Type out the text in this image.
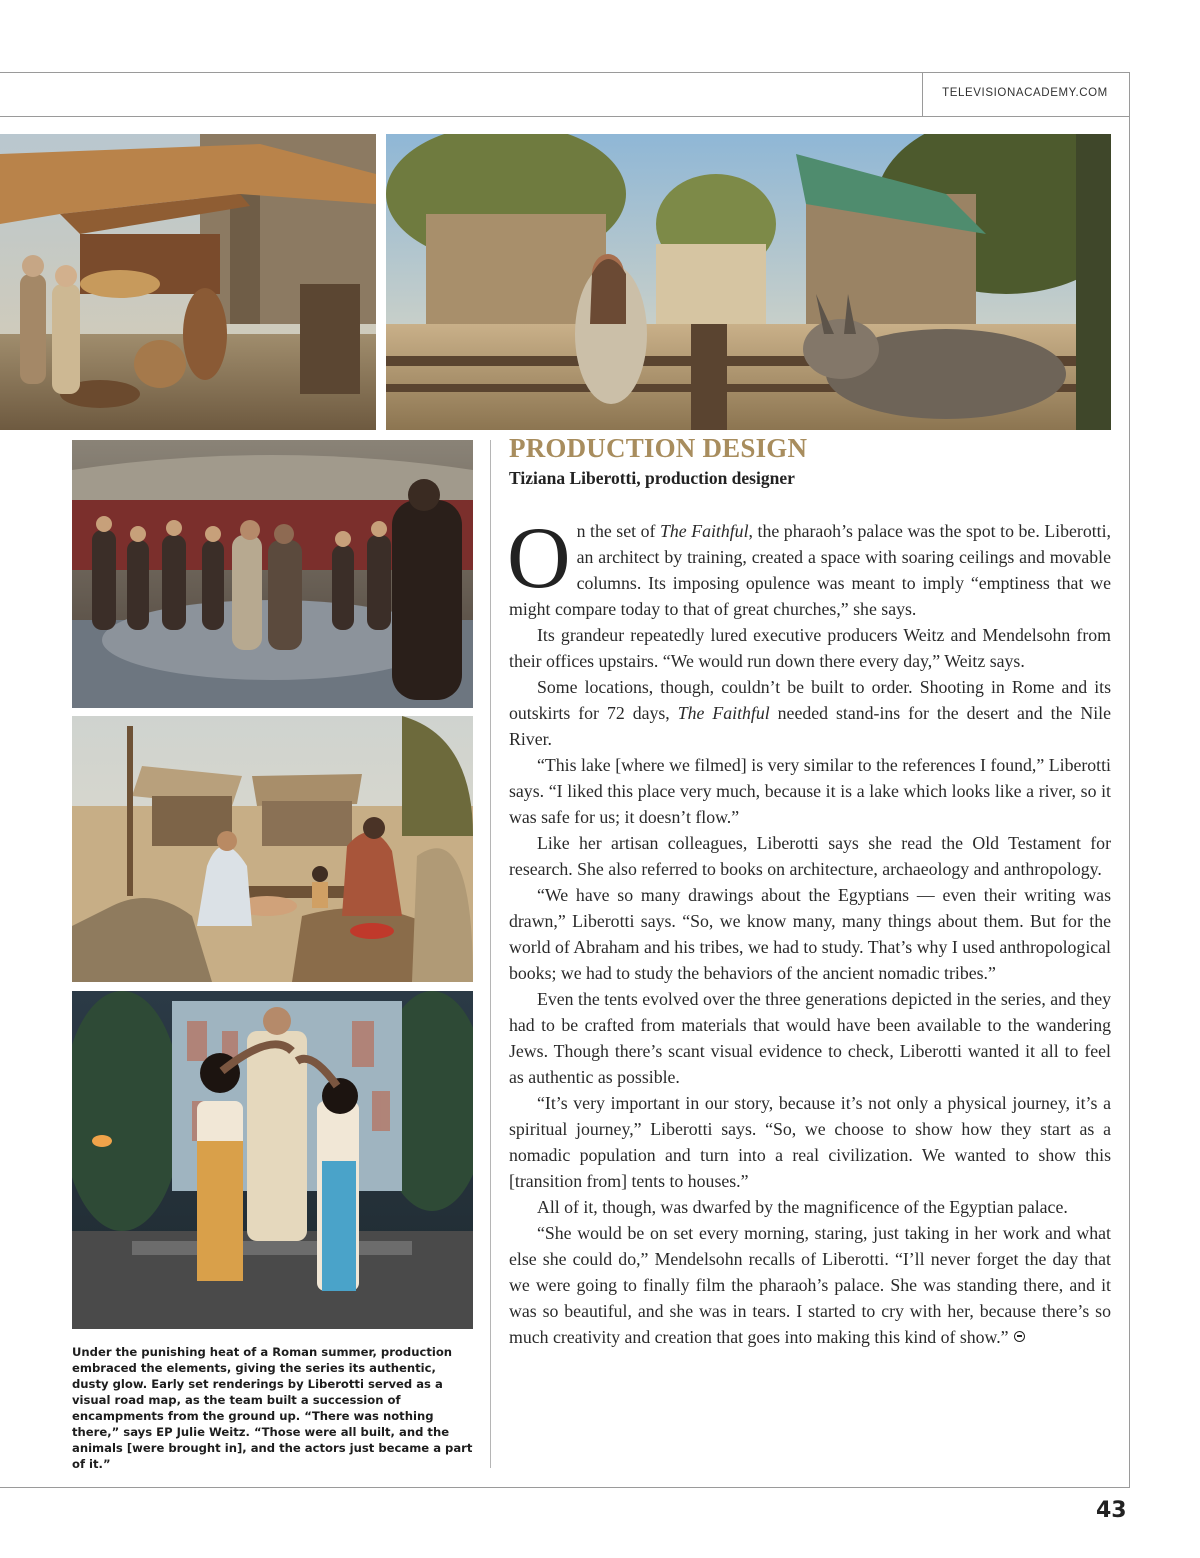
TELEVISIONACADEMY.COM
Under the punishing heat of a Roman summer, production embraced the elements, giving the series its authentic, dusty glow. Early set renderings by Liberotti served as a visual road map, as the team built a succession of encampments from the ground up. “There was nothing there,” says EP Julie Weitz. “Those were all built, and the animals [were brought in], and the actors just became a part of it.”
PRODUCTION DESIGN
Tiziana Liberotti, production designer

On the set of The Faithful, the pharaoh’s palace was the spot to be. Liberotti, an architect by training, created a space with soaring ceilings and movable columns. Its imposing opulence was meant to imply “emptiness that we might compare today to that of great churches,” she says.

Its grandeur repeatedly lured executive producers Weitz and Mendelsohn from their offices upstairs. “We would run down there every day,” Weitz says.

Some locations, though, couldn’t be built to order. Shooting in Rome and its outskirts for 72 days, The Faithful needed stand-ins for the desert and the Nile River.

“This lake [where we filmed] is very similar to the references I found,” Liberotti says. “I liked this place very much, because it is a lake which looks like a river, so it was safe for us; it doesn’t flow.”

Like her artisan colleagues, Liberotti says she read the Old Testament for research. She also referred to books on architecture, archaeology and anthropology.

“We have so many drawings about the Egyptians — even their writing was drawn,” Liberotti says. “So, we know many, many things about them. But for the world of Abraham and his tribes, we had to study. That’s why I used anthropological books; we had to study the behaviors of the ancient nomadic tribes.”

Even the tents evolved over the three generations depicted in the series, and they had to be crafted from materials that would have been available to the wandering Jews. Though there’s scant visual evidence to check, Liberotti wanted it all to feel as authentic as possible.

“It’s very important in our story, because it’s not only a physical journey, it’s a spiritual journey,” Liberotti says. “So, we choose to show how they start as a nomadic population and turn into a real civilization. We wanted to show this [transition from] tents to houses.”

All of it, though, was dwarfed by the magnificence of the Egyptian palace.

“She would be on set every morning, staring, just taking in her work and what else she could do,” Mendelsohn recalls of Liberotti. “I’ll never forget the day that we were going to finally film the pharaoh’s palace. She was standing there, and it was so beautiful, and she was in tears. I started to cry with her, because there’s so much creativity and creation that goes into making this kind of show.”

43
